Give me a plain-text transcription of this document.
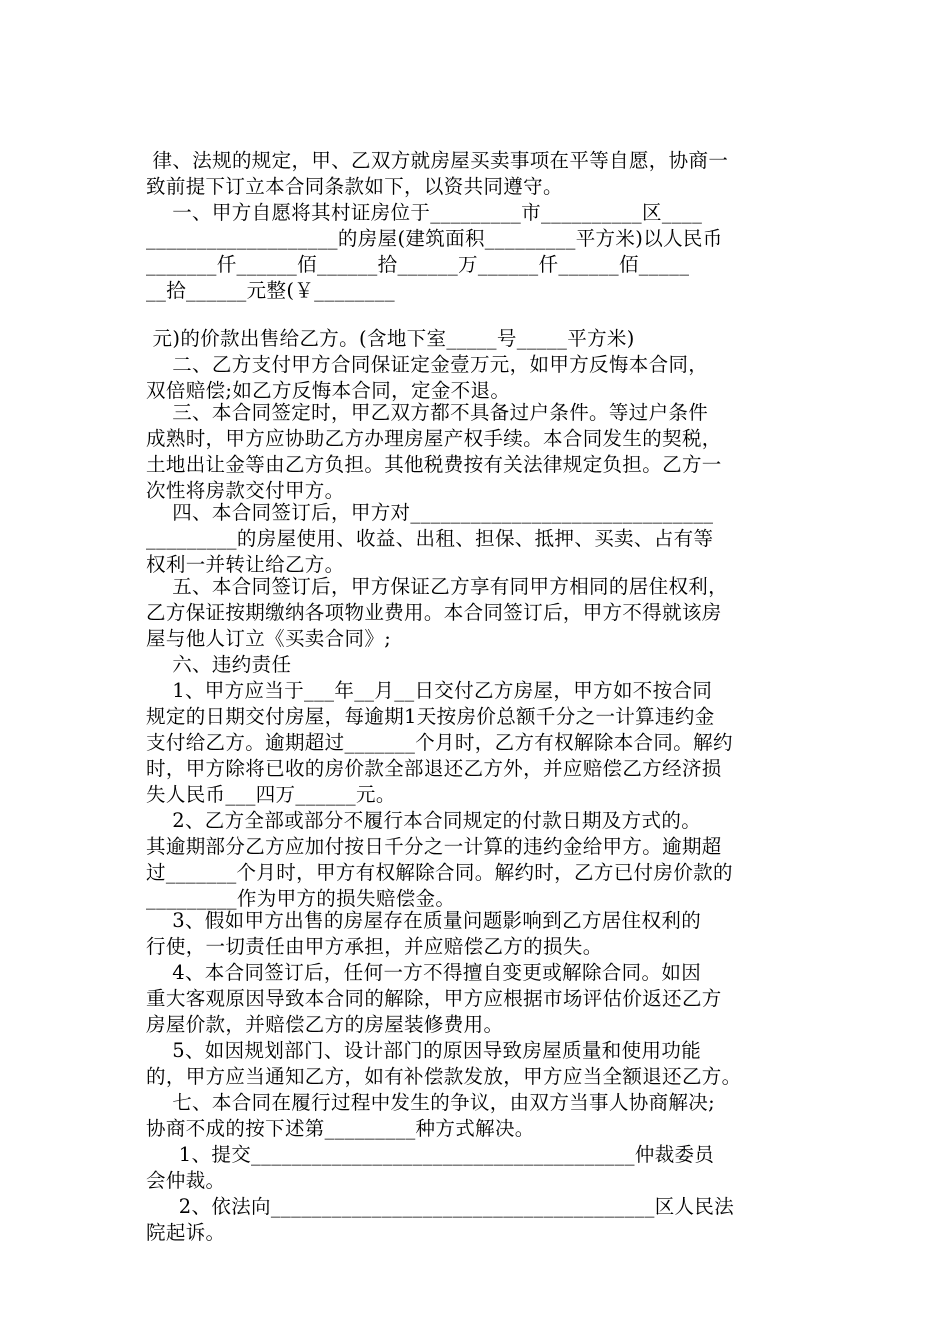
律、法规的规定，甲、乙双方就房屋买卖事项在平等自愿，协商一
致前提下订立本合同条款如下，以资共同遵守。
一、甲方自愿将其村证房位于_________市__________区____
___________________的房屋(建筑面积_________平方米)以人民币
_______仟______佰______拾______万______仟______佰_____
__拾______元整(￥________
元)的价款出售给乙方。(含地下室_____号_____平方米)
二、乙方支付甲方合同保证定金壹万元，如甲方反悔本合同，
双倍赔偿;如乙方反悔本合同，定金不退。
三、本合同签定时，甲乙双方都不具备过户条件。等过户条件
成熟时，甲方应协助乙方办理房屋产权手续。本合同发生的契税，
土地出让金等由乙方负担。其他税费按有关法律规定负担。乙方一
次性将房款交付甲方。
四、本合同签订后，甲方对______________________________
_________的房屋使用、收益、出租、担保、抵押、买卖、占有等
权利一并转让给乙方。
五、本合同签订后，甲方保证乙方享有同甲方相同的居住权利，
乙方保证按期缴纳各项物业费用。本合同签订后，甲方不得就该房
屋与他人订立《买卖合同》;
六、违约责任
1、甲方应当于___年__月__日交付乙方房屋，甲方如不按合同
规定的日期交付房屋，每逾期1天按房价总额千分之一计算违约金
支付给乙方。逾期超过_______个月时，乙方有权解除本合同。解约
时，甲方除将已收的房价款全部退还乙方外，并应赔偿乙方经济损
失人民币___四万______元。
2、乙方全部或部分不履行本合同规定的付款日期及方式的。
其逾期部分乙方应加付按日千分之一计算的违约金给甲方。逾期超
过_______个月时，甲方有权解除合同。解约时，乙方已付房价款的
_________作为甲方的损失赔偿金。
3、假如甲方出售的房屋存在质量问题影响到乙方居住权利的
行使，一切责任由甲方承担，并应赔偿乙方的损失。
4、本合同签订后，任何一方不得擅自变更或解除合同。如因
重大客观原因导致本合同的解除，甲方应根据市场评估价返还乙方
房屋价款，并赔偿乙方的房屋装修费用。
5、如因规划部门、设计部门的原因导致房屋质量和使用功能
的，甲方应当通知乙方，如有补偿款发放，甲方应当全额退还乙方。
七、本合同在履行过程中发生的争议，由双方当事人协商解决;
协商不成的按下述第_________种方式解决。
1、提交______________________________________仲裁委员
会仲裁。
2、依法向______________________________________区人民法
院起诉。
